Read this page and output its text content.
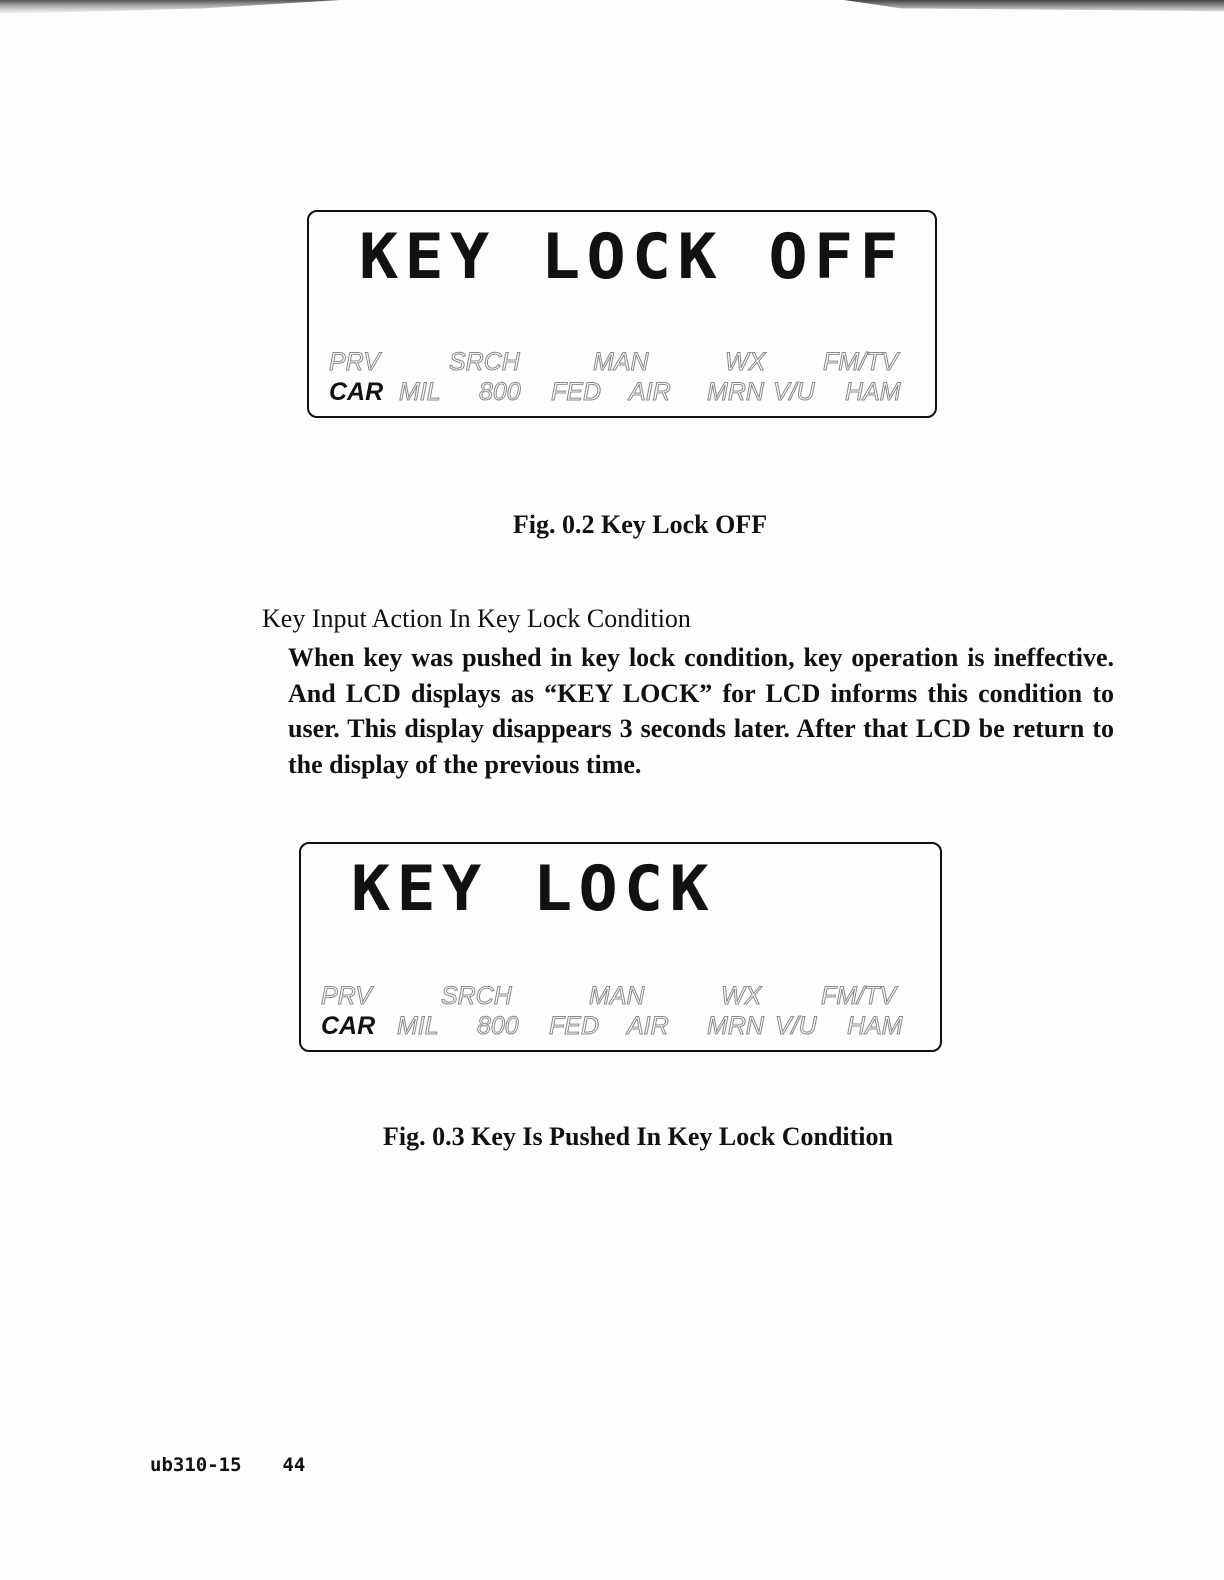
KEY LOCK OFF
PRV	SRCH	MAN	WX FM/TV
CAR MIL 800 FED AIR MRN V/U HAM
Fig. 0.2 Key Lock OFF
Key Input Action In Key Lock Condition
When key was pushed in key lock condition, key operation is ineffective. And LCD displays as “KEY LOCK” for LCD informs this condition to user. This display disappears 3 seconds later. After that LCD be return to the display of the previous time.
KEY LOCK
PRV	SRCH	MAN	WX FM/TV
CAR MIL 800 FED AIR MRN V/U HAM
Fig. 0.3 Key Is Pushed In Key Lock Condition
ub310-15 44
